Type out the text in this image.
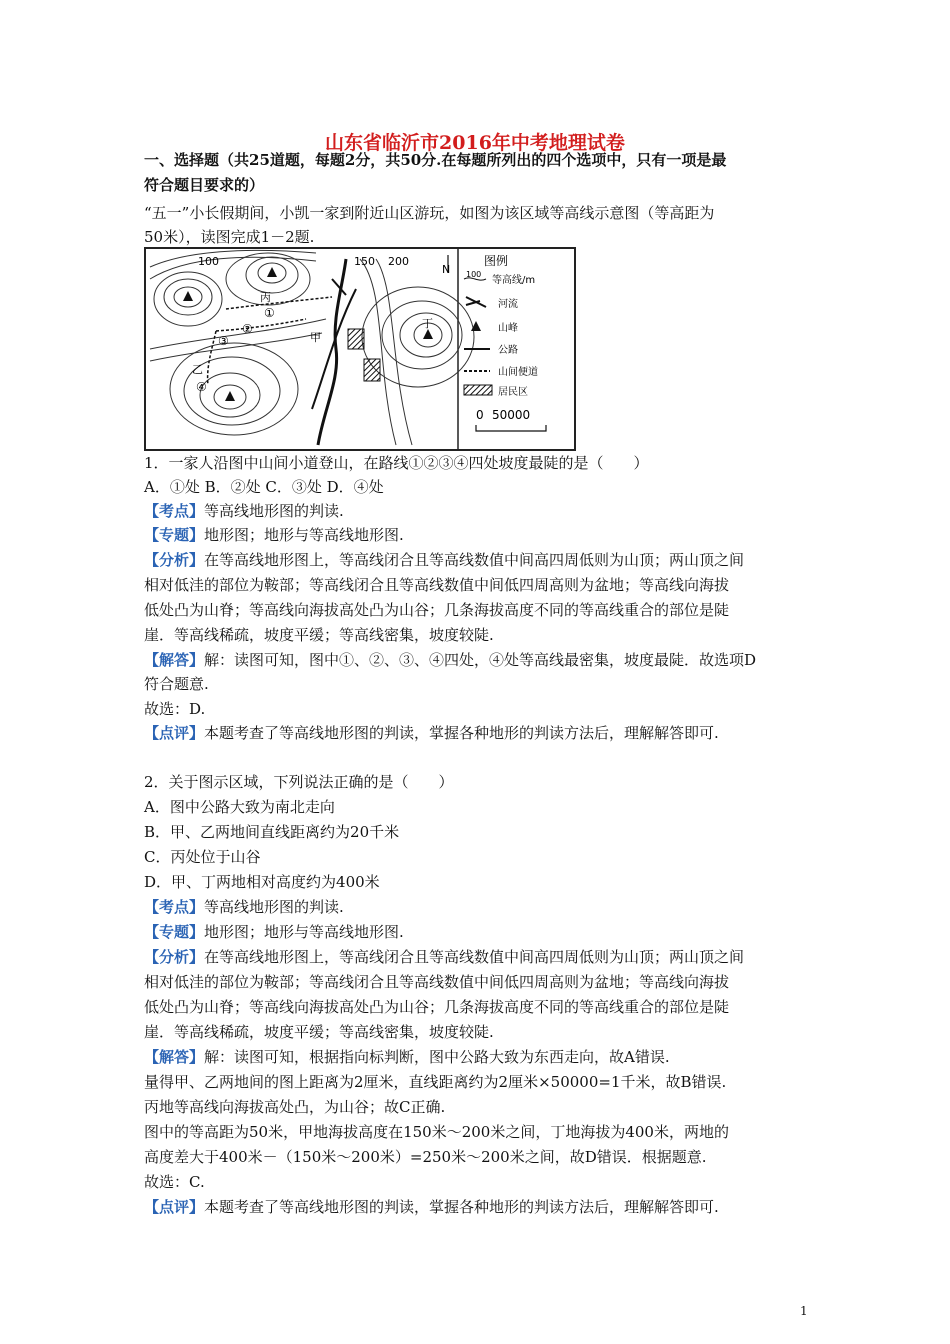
山东省临沂市2016年中考地理试卷
一、选择题（共25道题，每题2分，共50分.在每题所列出的四个选项中，只有一项是最
符合题目要求的）
“五一”小长假期间，小凯一家到附近山区游玩，如图为该区域等高线示意图（等高距为
50米），读图完成1－2题.
100	150 200
N
丙
甲
乙
丁
①
②
③
④
图例
100
等高线/m
河流
山峰
公路
山间便道
居民区
0 50000
1．一家人沿图中山间小道登山，在路线①②③④四处坡度最陡的是（　　）
A．①处 B．②处 C．③处 D．④处
【考点】等高线地形图的判读.
【专题】地形图；地形与等高线地形图.
【分析】在等高线地形图上，等高线闭合且等高线数值中间高四周低则为山顶；两山顶之间
相对低洼的部位为鞍部；等高线闭合且等高线数值中间低四周高则为盆地；等高线向海拔
低处凸为山脊；等高线向海拔高处凸为山谷；几条海拔高度不同的等高线重合的部位是陡
崖．等高线稀疏，坡度平缓；等高线密集，坡度较陡.
【解答】解：读图可知，图中①、②、③、④四处，④处等高线最密集，坡度最陡．故选项D
符合题意.
故选：D.
【点评】本题考查了等高线地形图的判读，掌握各种地形的判读方法后，理解解答即可.
2．关于图示区域，下列说法正确的是（　　）
A．图中公路大致为南北走向
B．甲、乙两地间直线距离约为20千米
C．丙处位于山谷
D．甲、丁两地相对高度约为400米
【考点】等高线地形图的判读.
【专题】地形图；地形与等高线地形图.
【分析】在等高线地形图上，等高线闭合且等高线数值中间高四周低则为山顶；两山顶之间
相对低洼的部位为鞍部；等高线闭合且等高线数值中间低四周高则为盆地；等高线向海拔
低处凸为山脊；等高线向海拔高处凸为山谷；几条海拔高度不同的等高线重合的部位是陡
崖．等高线稀疏，坡度平缓；等高线密集，坡度较陡.
【解答】解：读图可知，根据指向标判断，图中公路大致为东西走向，故A错误.
量得甲、乙两地间的图上距离为2厘米，直线距离约为2厘米×50000=1千米，故B错误.
丙地等高线向海拔高处凸，为山谷；故C正确.
图中的等高距为50米，甲地海拔高度在150米～200米之间，丁地海拔为400米，两地的
高度差大于400米－（150米～200米）=250米～200米之间，故D错误．根据题意.
故选：C.
【点评】本题考查了等高线地形图的判读，掌握各种地形的判读方法后，理解解答即可.
1
